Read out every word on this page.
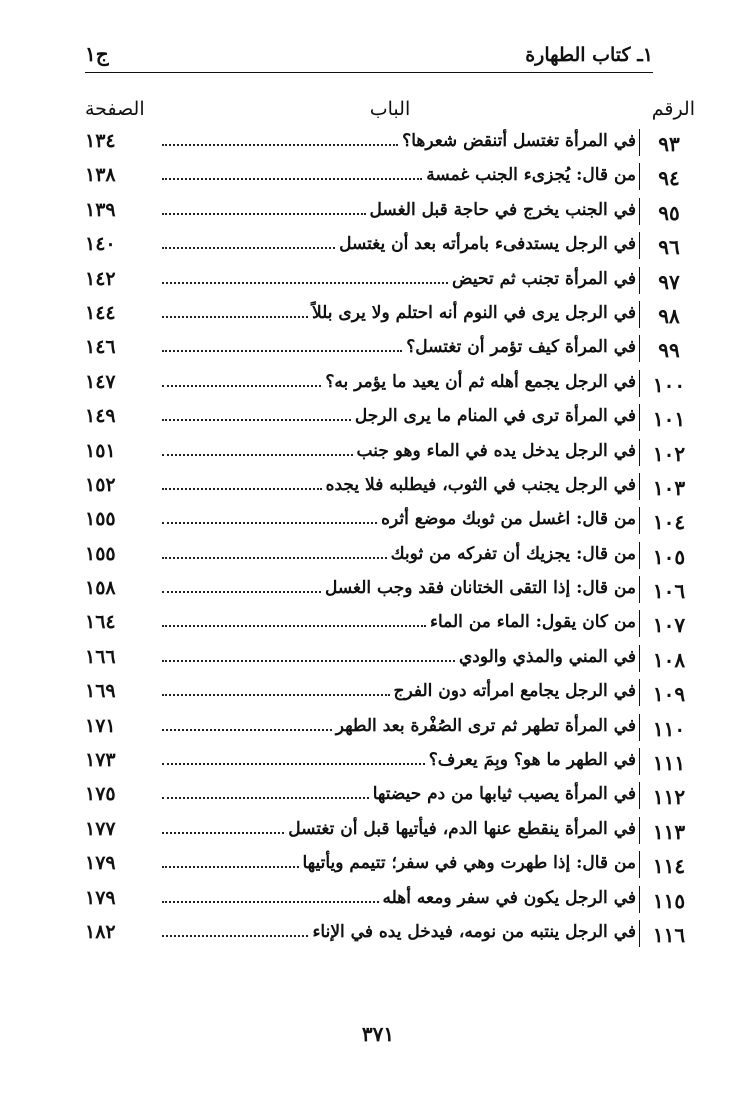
١ـ كتاب الطهارة
ج١
الرقم
الباب
الصفحة
٩٣
في المرأة تغتسل أتنقض شعرها؟
١٣٤
٩٤
من قال: يُجزىء الجنب غمسة
١٣٨
٩٥
في الجنب يخرج في حاجة قبل الغسل
١٣٩
٩٦
في الرجل يستدفىء بامرأته بعد أن يغتسل
١٤٠
٩٧
في المرأة تجنب ثم تحيض
١٤٢
٩٨
في الرجل يرى في النوم أنه احتلم ولا يرى بللاً
١٤٤
٩٩
في المرأة كيف تؤمر أن تغتسل؟
١٤٦
١٠٠
في الرجل يجمع أهله ثم أن يعيد ما يؤمر به؟
١٤٧
١٠١
في المرأة ترى في المنام ما يرى الرجل
١٤٩
١٠٢
في الرجل يدخل يده في الماء وهو جنب
١٥١
١٠٣
في الرجل يجنب في الثوب، فيطلبه فلا يجده
١٥٢
١٠٤
من قال: اغسل من ثوبك موضع أثره
١٥٥
١٠٥
من قال: يجزيك أن تفركه من ثوبك
١٥٥
١٠٦
من قال: إذا التقى الختانان فقد وجب الغسل
١٥٨
١٠٧
من كان يقول: الماء من الماء
١٦٤
١٠٨
في المني والمذي والودي
١٦٦
١٠٩
في الرجل يجامع امرأته دون الفرج
١٦٩
١١٠
في المرأة تطهر ثم ترى الصُفْرة بعد الطهر
١٧١
١١١
في الطهر ما هو؟ وبِمَ يعرف؟
١٧٣
١١٢
في المرأة يصيب ثيابها من دم حيضتها
١٧٥
١١٣
في المرأة ينقطع عنها الدم، فيأتيها قبل أن تغتسل
١٧٧
١١٤
من قال: إذا طهرت وهي في سفر؛ تتيمم ويأتيها
١٧٩
١١٥
في الرجل يكون في سفر ومعه أهله
١٧٩
١١٦
في الرجل ينتبه من نومه، فيدخل يده في الإناء
١٨٢
٣٧١
